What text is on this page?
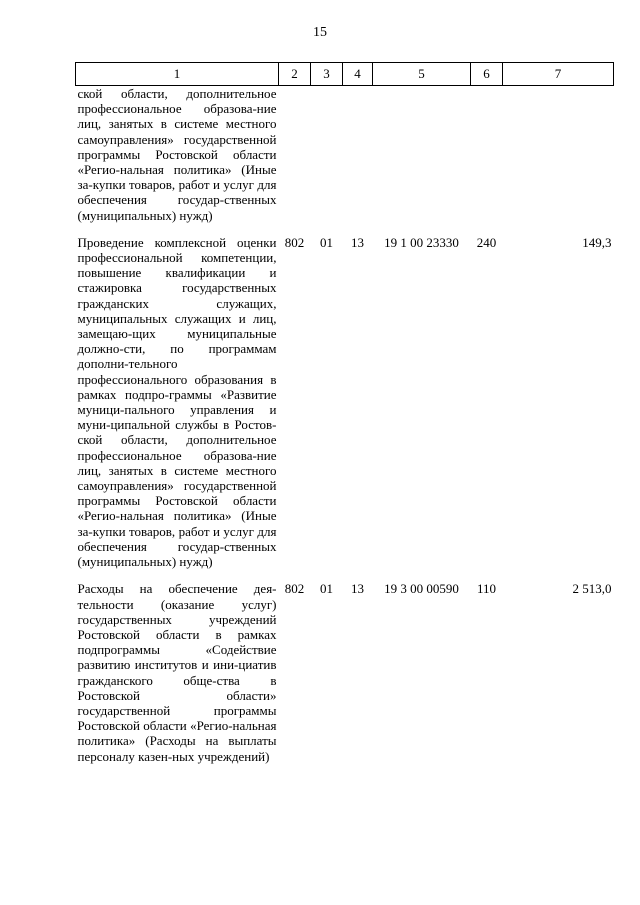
15
1	2	3	4	5	6	7
ской области, дополнительное профессиональное образова-ние лиц, занятых в системе местного самоуправления» государственной программы Ростовской области «Регио-нальная политика» (Иные за-купки товаров, работ и услуг для обеспечения государ-ственных (муниципальных) нужд)						

Проведение комплексной оценки профессиональной компетенции, повышение квалификации и стажировка государственных гражданских служащих, муниципальных служащих и лиц, замещаю-щих муниципальные должно-сти, по программам дополни-тельного профессионального образования в рамках подпро-граммы «Развитие муници-пального управления и муни-ципальной службы в Ростов-ской области, дополнительное профессиональное образова-ние лиц, занятых в системе местного самоуправления» государственной программы Ростовской области «Регио-нальная политика» (Иные за-купки товаров, работ и услуг для обеспечения государ-ственных (муниципальных) нужд)	802	01	13	19 1 00 23330	240	149,3

Расходы на обеспечение дея-тельности (оказание услуг) государственных учреждений Ростовской области в рамках подпрограммы «Содействие развитию институтов и ини-циатив гражданского обще-ства в Ростовской области» государственной программы Ростовской области «Регио-нальная политика» (Расходы на выплаты персоналу казен-ных учреждений)	802	01	13	19 3 00 00590	110	2 513,0
